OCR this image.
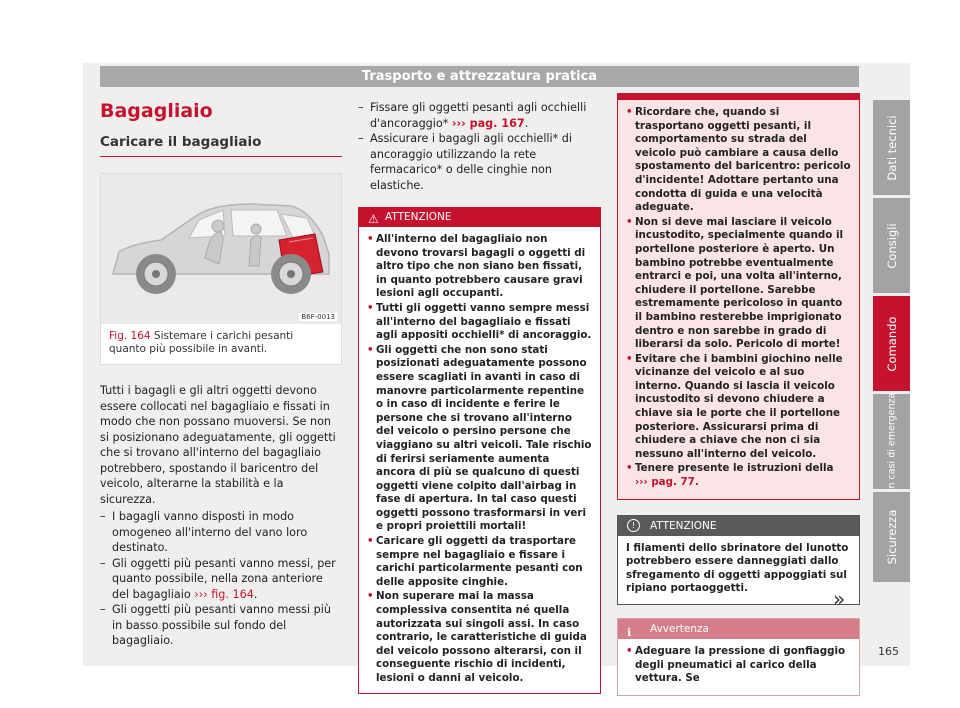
Trasporto e attrezzatura pratica
Bagagliaio
Caricare il bagagliaio
B6F-0013
Fig. 164 Sistemare i carichi pesanti quanto più possibile in avanti.
Tutti i bagagli e gli altri oggetti devono essere collocati nel bagagliaio e fissati in modo che non possano muoversi. Se non si posizionano adeguatamente, gli oggetti che si trovano all'interno del bagagliaio potrebbero, spostando il baricentro del veicolo, alterarne la stabilità e la sicurezza.
– I bagagli vanno disposti in modo omogeneo all'interno del vano loro destinato.
– Gli oggetti più pesanti vanno messi, per quanto possibile, nella zona anteriore del bagagliaio ››› fig. 164.
– Gli oggetti più pesanti vanno messi più in basso possibile sul fondo del bagagliaio.
– Fissare gli oggetti pesanti agli occhielli d'ancoraggio* ››› pag. 167.
– Assicurare i bagagli agli occhielli* di ancoraggio utilizzando la rete fermacarico* o delle cinghie non elastiche.
⚠ ATTENZIONE
• All'interno del bagagliaio non devono trovarsi bagagli o oggetti di altro tipo che non siano ben fissati, in quanto potrebbero causare gravi lesioni agli occupanti.
• Tutti gli oggetti vanno sempre messi all'interno del bagagliaio e fissati agli appositi occhielli* di ancoraggio.
• Gli oggetti che non sono stati posizionati adeguatamente possono essere scagliati in avanti in caso di manovre particolarmente repentine o in caso di incidente e ferire le persone che si trovano all'interno del veicolo o persino persone che viaggiano su altri veicoli. Tale rischio di ferirsi seriamente aumenta ancora di più se qualcuno di questi oggetti viene colpito dall'airbag in fase di apertura. In tal caso questi oggetti possono trasformarsi in veri e propri proiettili mortali!
• Caricare gli oggetti da trasportare sempre nel bagagliaio e fissare i carichi particolarmente pesanti con delle apposite cinghie.
• Non superare mai la massa complessiva consentita né quella autorizzata sui singoli assi. In caso contrario, le caratteristiche di guida del veicolo possono alterarsi, con il conseguente rischio di incidenti, lesioni o danni al veicolo.
• Ricordare che, quando si trasportano oggetti pesanti, il comportamento su strada del veicolo può cambiare a causa dello spostamento del baricentro: pericolo d'incidente! Adottare pertanto una condotta di guida e una velocità adeguate.
• Non si deve mai lasciare il veicolo incustodito, specialmente quando il portellone posteriore è aperto. Un bambino potrebbe eventualmente entrarci e poi, una volta all'interno, chiudere il portellone. Sarebbe estremamente pericoloso in quanto il bambino resterebbe imprigionato dentro e non sarebbe in grado di liberarsi da solo. Pericolo di morte!
• Evitare che i bambini giochino nelle vicinanze del veicolo e al suo interno. Quando si lascia il veicolo incustodito si devono chiudere a chiave sia le porte che il portellone posteriore. Assicurarsi prima di chiudere a chiave che non ci sia nessuno all'interno del veicolo.
• Tenere presente le istruzioni della
››› pag. 77.
!	ATTENZIONE
I filamenti dello sbrinatore del lunotto potrebbero essere danneggiati dallo sfregamento di oggetti appoggiati sul ripiano portaoggetti.
ℹ Avvertenza
• Adeguare la pressione di gonfiaggio degli pneumatici al carico della vettura. Se
»
165
Dati tecnici
Consigli
Comando
In casi di emergenza
Sicurezza
